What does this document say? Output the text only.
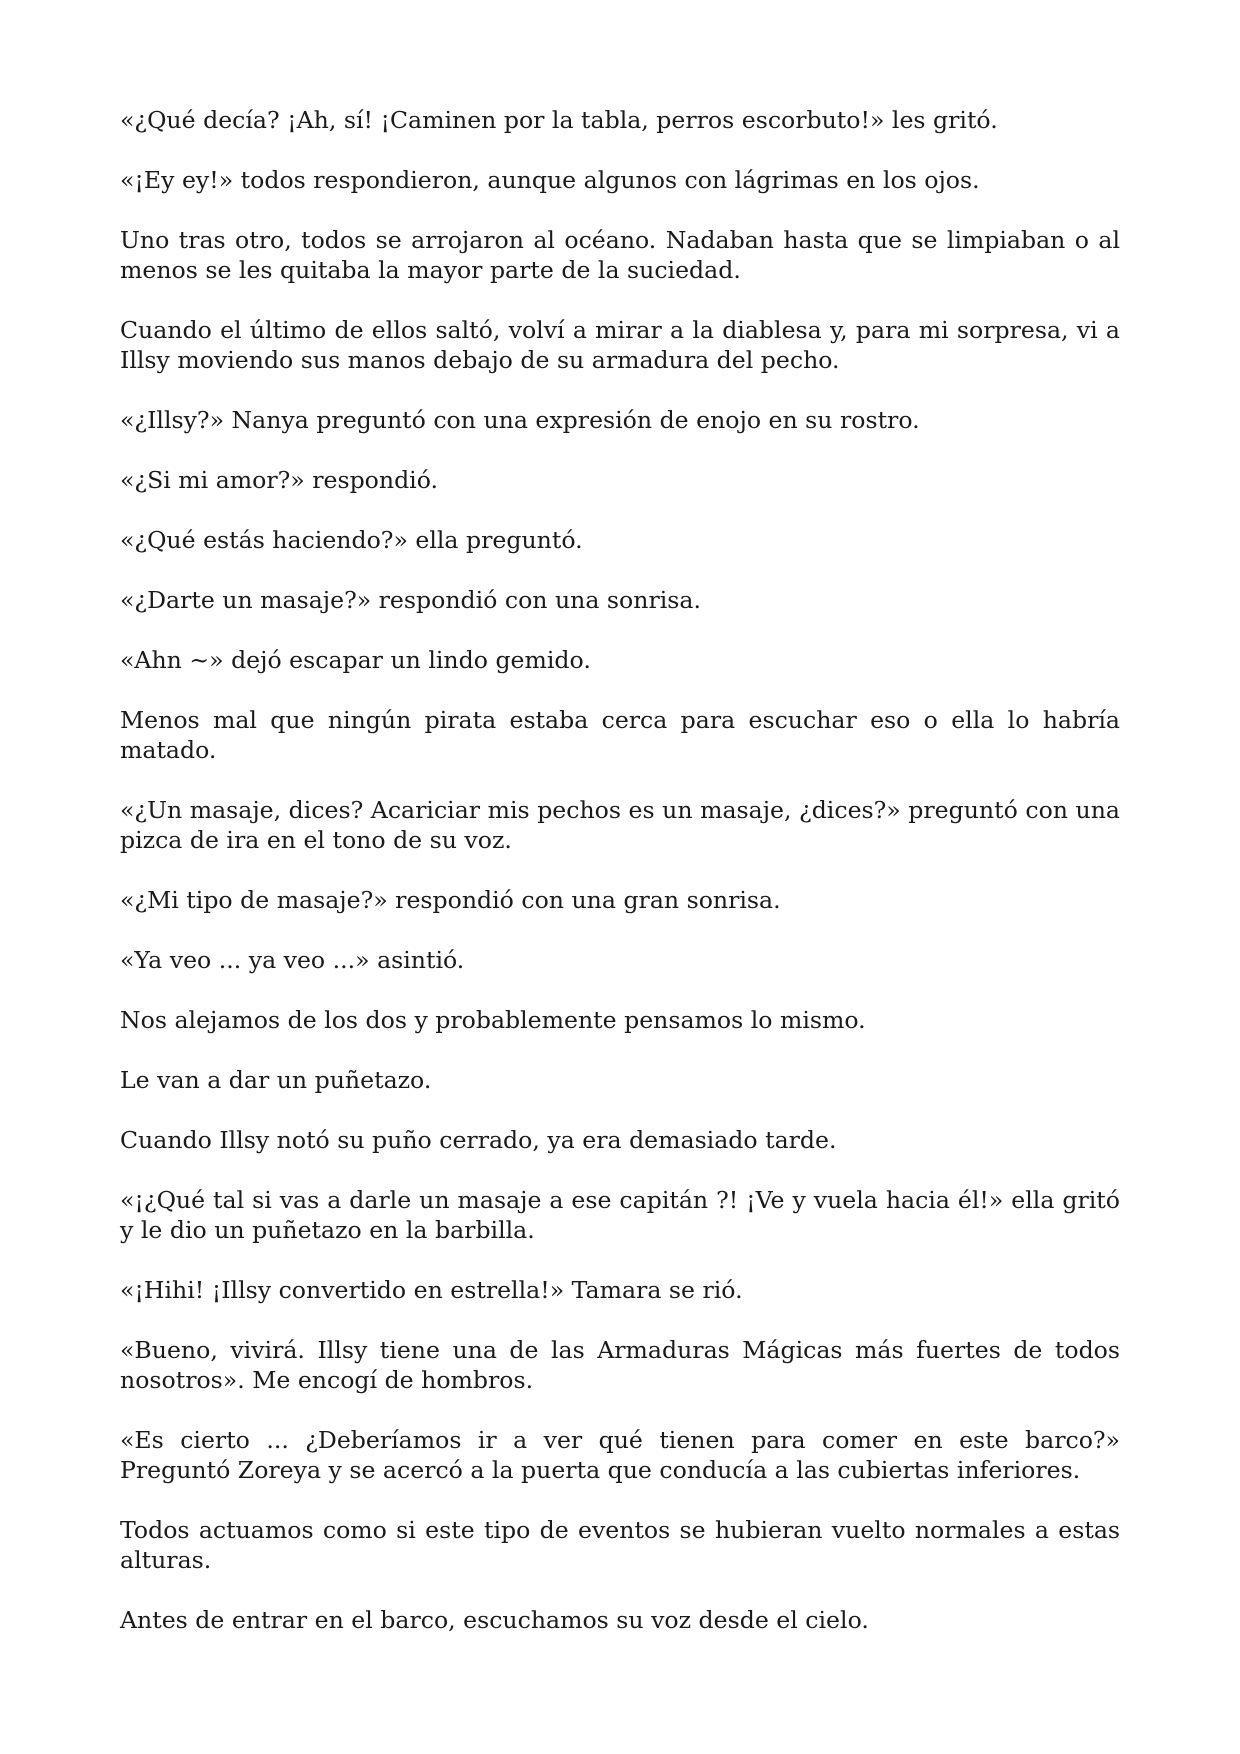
«¿Qué decía? ¡Ah, sí! ¡Caminen por la tabla, perros escorbuto!» les gritó.

«¡Ey ey!» todos respondieron, aunque algunos con lágrimas en los ojos.

Uno tras otro, todos se arrojaron al océano. Nadaban hasta que se limpiaban o al menos se les quitaba la mayor parte de la suciedad.

Cuando el último de ellos saltó, volví a mirar a la diablesa y, para mi sorpresa, vi a Illsy moviendo sus manos debajo de su armadura del pecho.

«¿Illsy?» Nanya preguntó con una expresión de enojo en su rostro.

«¿Si mi amor?» respondió.

«¿Qué estás haciendo?» ella preguntó.

«¿Darte un masaje?» respondió con una sonrisa.

«Ahn ~» dejó escapar un lindo gemido.

Menos mal que ningún pirata estaba cerca para escuchar eso o ella lo habría matado.

«¿Un masaje, dices? Acariciar mis pechos es un masaje, ¿dices?» preguntó con una pizca de ira en el tono de su voz.

«¿Mi tipo de masaje?» respondió con una gran sonrisa.

«Ya veo ... ya veo ...» asintió.

Nos alejamos de los dos y probablemente pensamos lo mismo.

Le van a dar un puñetazo.

Cuando Illsy notó su puño cerrado, ya era demasiado tarde.

«¡¿Qué tal si vas a darle un masaje a ese capitán ?! ¡Ve y vuela hacia él!» ella gritó y le dio un puñetazo en la barbilla.

«¡Hihi! ¡Illsy convertido en estrella!» Tamara se rió.

«Bueno, vivirá. Illsy tiene una de las Armaduras Mágicas más fuertes de todos nosotros». Me encogí de hombros.

«Es cierto ... ¿Deberíamos ir a ver qué tienen para comer en este barco?» Preguntó Zoreya y se acercó a la puerta que conducía a las cubiertas inferiores.

Todos actuamos como si este tipo de eventos se hubieran vuelto normales a estas alturas.

Antes de entrar en el barco, escuchamos su voz desde el cielo.
